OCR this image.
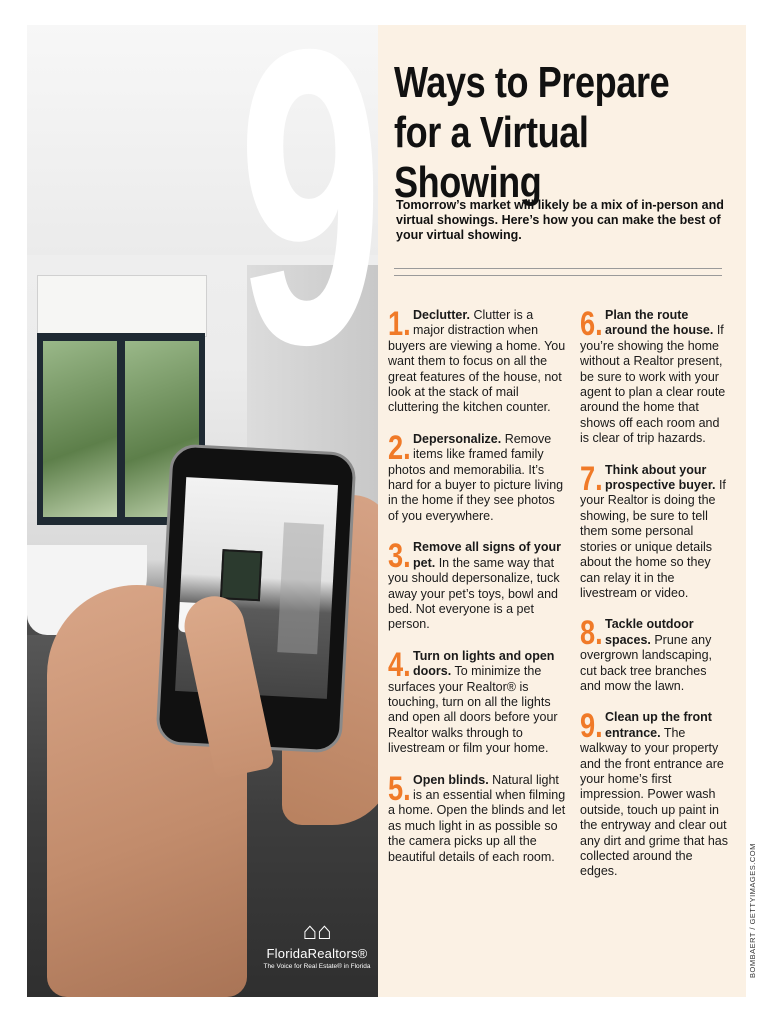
9 Ways to Prepare for a Virtual Showing

Tomorrow’s market will likely be a mix of in-person and virtual showings. Here’s how you can make the best of your virtual showing.

1. Declutter. Clutter is a major distraction when buyers are viewing a home. You want them to focus on all the great features of the house, not look at the stack of mail cluttering the kitchen counter.
2. Depersonalize. Remove items like framed family photos and memorabilia. It’s hard for a buyer to picture living in the home if they see photos of you everywhere.
3. Remove all signs of your pet. In the same way that you should depersonalize, tuck away your pet’s toys, bowl and bed. Not everyone is a pet person.
4. Turn on lights and open doors. To minimize the surfaces your Realtor® is touching, turn on all the lights and open all doors before your Realtor walks through to livestream or film your home.
5. Open blinds. Natural light is an essential when filming a home. Open the blinds and let as much light in as possible so the camera picks up all the beautiful details of each room.
6. Plan the route around the house. If you’re showing the home without a Realtor present, be sure to work with your agent to plan a clear route around the home that shows off each room and is clear of trip hazards.
7. Think about your prospective buyer. If your Realtor is doing the showing, be sure to tell them some personal stories or unique details about the home so they can relay it in the livestream or video.
8. Tackle outdoor spaces. Prune any overgrown landscaping, cut back tree branches and mow the lawn.
9. Clean up the front entrance. The walkway to your property and the front entrance are your home’s first impression. Power wash outside, touch up paint in the entryway and clear out any dirt and grime that has collected around the edges.
⌂⌂
FloridaRealtors®
The Voice for Real Estate® in Florida	BOMBAERT / GETTYIMAGES.COM
